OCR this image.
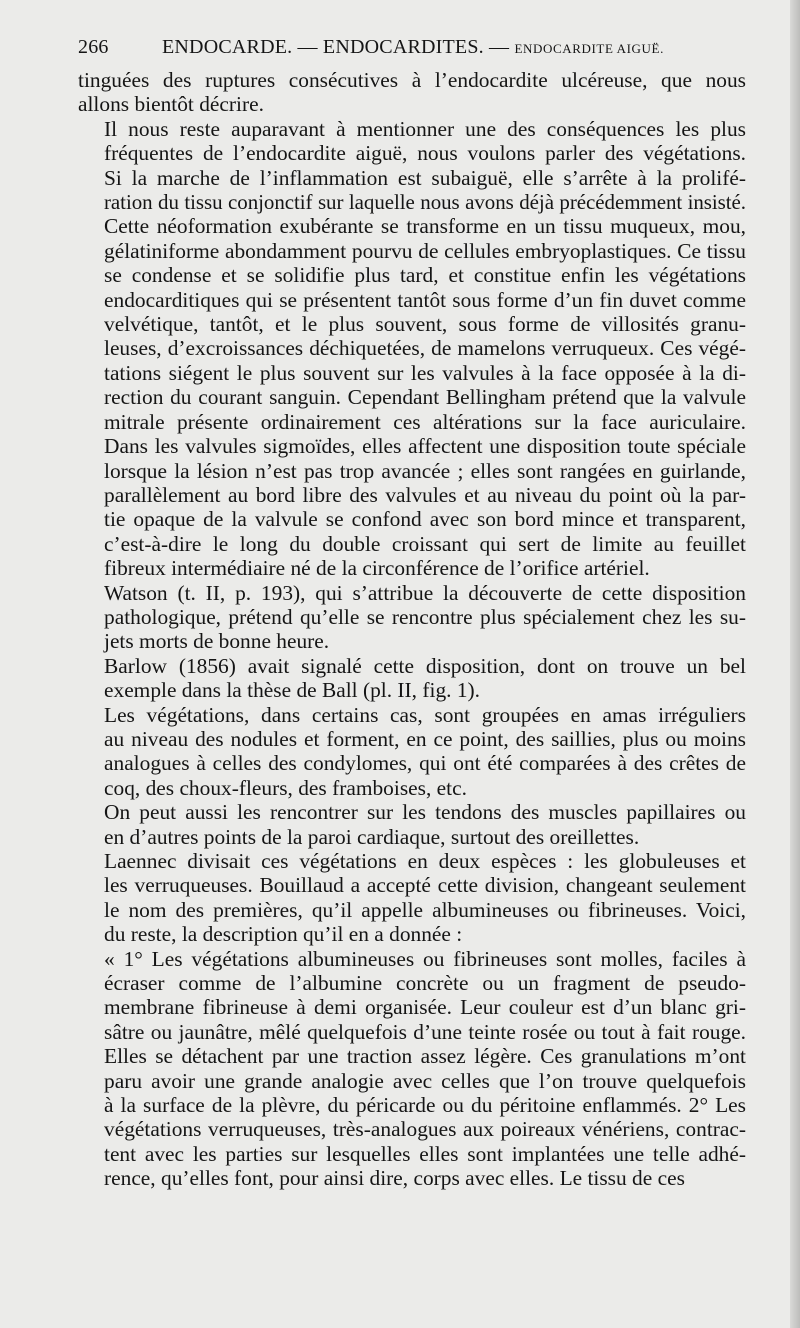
266	ENDOCARDE. — ENDOCARDITES. — ENDOCARDITE AIGUË.

tinguées des ruptures consécutives à l’endocardite ulcéreuse, que nous
allons bientôt décrire.

Il nous reste auparavant à mentionner une des conséquences les plus
fréquentes de l’endocardite aiguë, nous voulons parler des végétations.
Si la marche de l’inflammation est subaiguë, elle s’arrête à la prolifé-
ration du tissu conjonctif sur laquelle nous avons déjà précédemment insisté.
Cette néoformation exubérante se transforme en un tissu muqueux, mou,
gélatiniforme abondamment pourvu de cellules embryoplastiques. Ce tissu
se condense et se solidifie plus tard, et constitue enfin les végétations
endocarditiques qui se présentent tantôt sous forme d’un fin duvet comme
velvétique, tantôt, et le plus souvent, sous forme de villosités granu-
leuses, d’excroissances déchiquetées, de mamelons verruqueux. Ces végé-
tations siégent le plus souvent sur les valvules à la face opposée à la di-
rection du courant sanguin. Cependant Bellingham prétend que la valvule
mitrale présente ordinairement ces altérations sur la face auriculaire.
Dans les valvules sigmoïdes, elles affectent une disposition toute spéciale
lorsque la lésion n’est pas trop avancée ; elles sont rangées en guirlande,
parallèlement au bord libre des valvules et au niveau du point où la par-
tie opaque de la valvule se confond avec son bord mince et transparent,
c’est-à-dire le long du double croissant qui sert de limite au feuillet
fibreux intermédiaire né de la circonférence de l’orifice artériel.

Watson (t. II, p. 193), qui s’attribue la découverte de cette disposition
pathologique, prétend qu’elle se rencontre plus spécialement chez les su-
jets morts de bonne heure.

Barlow (1856) avait signalé cette disposition, dont on trouve un bel
exemple dans la thèse de Ball (pl. II, fig. 1).

Les végétations, dans certains cas, sont groupées en amas irréguliers
au niveau des nodules et forment, en ce point, des saillies, plus ou moins
analogues à celles des condylomes, qui ont été comparées à des crêtes de
coq, des choux-fleurs, des framboises, etc.

On peut aussi les rencontrer sur les tendons des muscles papillaires ou
en d’autres points de la paroi cardiaque, surtout des oreillettes.

Laennec divisait ces végétations en deux espèces : les globuleuses et
les verruqueuses. Bouillaud a accepté cette division, changeant seulement
le nom des premières, qu’il appelle albumineuses ou fibrineuses. Voici,
du reste, la description qu’il en a donnée :

« 1° Les végétations albumineuses ou fibrineuses sont molles, faciles à
écraser comme de l’albumine concrète ou un fragment de pseudo-
membrane fibrineuse à demi organisée. Leur couleur est d’un blanc gri-
sâtre ou jaunâtre, mêlé quelquefois d’une teinte rosée ou tout à fait rouge.
Elles se détachent par une traction assez légère. Ces granulations m’ont
paru avoir une grande analogie avec celles que l’on trouve quelquefois
à la surface de la plèvre, du péricarde ou du péritoine enflammés. 2° Les
végétations verruqueuses, très-analogues aux poireaux vénériens, contrac-
tent avec les parties sur lesquelles elles sont implantées une telle adhé-
rence, qu’elles font, pour ainsi dire, corps avec elles. Le tissu de ces
